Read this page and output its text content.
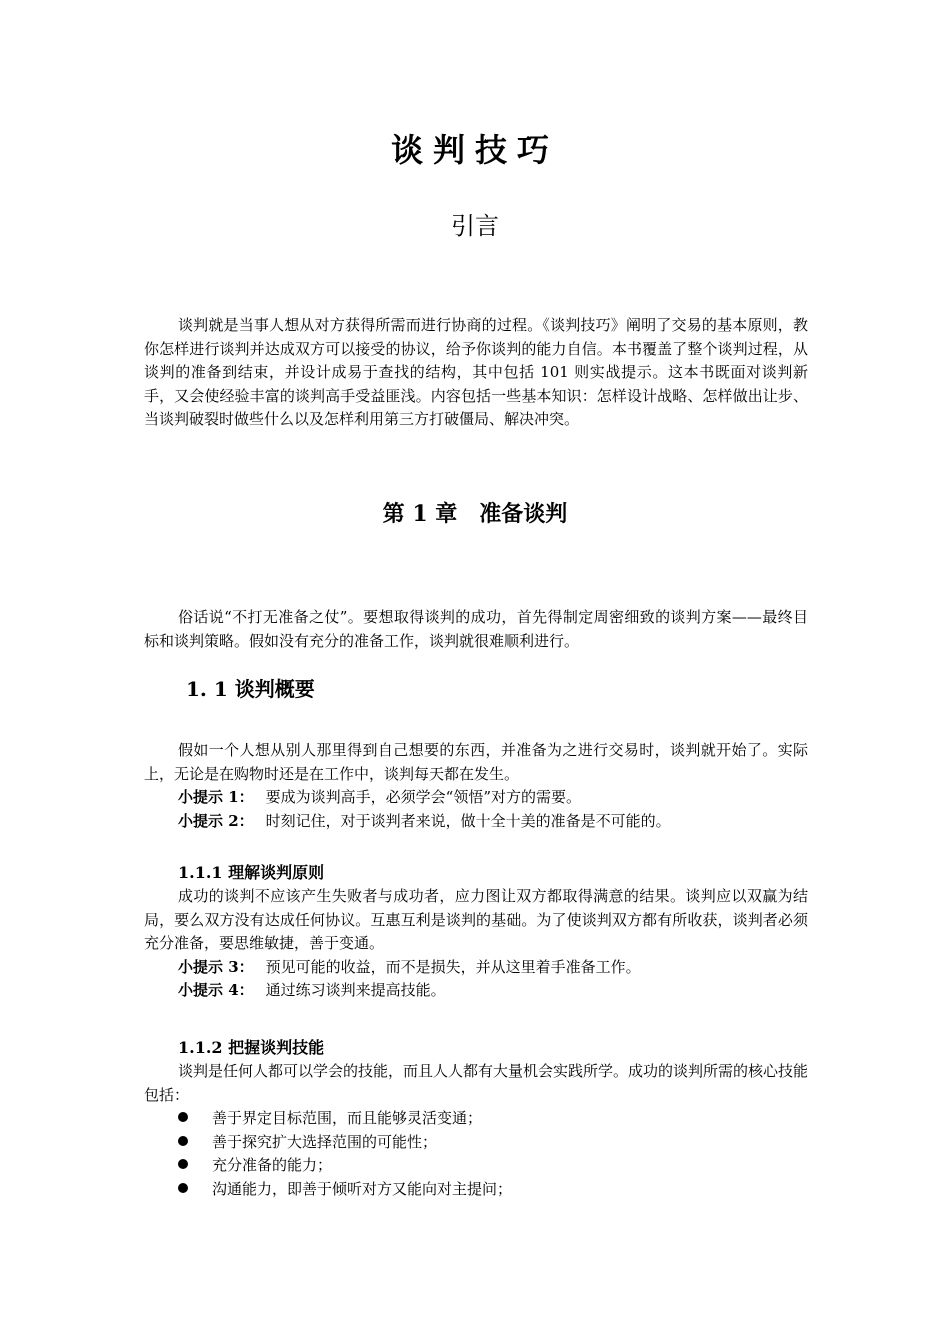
谈判技巧
引言

谈判就是当事人想从对方获得所需而进行协商的过程。《谈判技巧》阐明了交易的基本原则，教你怎样进行谈判并达成双方可以接受的协议，给予你谈判的能力自信。本书覆盖了整个谈判过程，从谈判的准备到结束，并设计成易于查找的结构，其中包括 101 则实战提示。这本书既面对谈判新手，又会使经验丰富的谈判高手受益匪浅。内容包括一些基本知识：怎样设计战略、怎样做出让步、当谈判破裂时做些什么以及怎样利用第三方打破僵局、解决冲突。

第 1 章　准备谈判

俗话说“不打无准备之仗”。要想取得谈判的成功，首先得制定周密细致的谈判方案——最终目标和谈判策略。假如没有充分的准备工作，谈判就很难顺利进行。

1. 1 谈判概要

假如一个人想从别人那里得到自己想要的东西，并准备为之进行交易时，谈判就开始了。实际上，无论是在购物时还是在工作中，谈判每天都在发生。

小提示 1： 要成为谈判高手，必须学会“领悟”对方的需要。

小提示 2： 时刻记住，对于谈判者来说，做十全十美的准备是不可能的。

1.1.1 理解谈判原则

成功的谈判不应该产生失败者与成功者，应力图让双方都取得满意的结果。谈判应以双赢为结局，要么双方没有达成任何协议。互惠互利是谈判的基础。为了使谈判双方都有所收获，谈判者必须充分准备，要思维敏捷，善于变通。

小提示 3： 预见可能的收益，而不是损失，并从这里着手准备工作。

小提示 4： 通过练习谈判来提高技能。

1.1.2 把握谈判技能

谈判是任何人都可以学会的技能，而且人人都有大量机会实践所学。成功的谈判所需的核心技能包括：

善于界定目标范围，而且能够灵活变通；

善于探究扩大选择范围的可能性；

充分准备的能力；

沟通能力，即善于倾听对方又能向对主提问；
